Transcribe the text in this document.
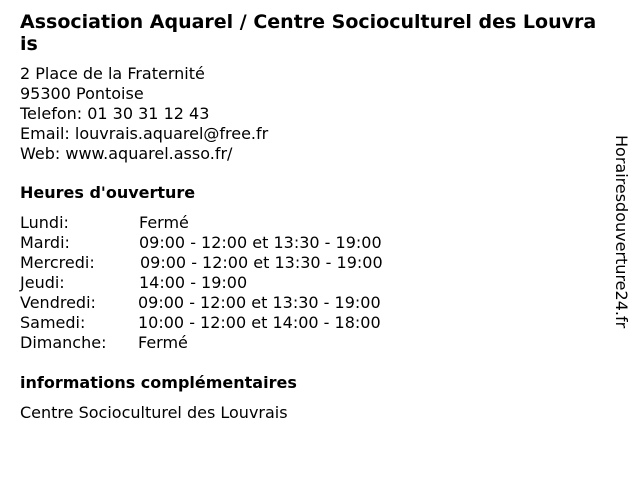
Association Aquarel / Centre Socioculturel des Louvrais
2 Place de la Fraternité
95300 Pontoise
Telefon: 01 30 31 12 43
Email: louvrais.aquarel@free.fr
Web: www.aquarel.asso.fr/
Heures d'ouverture
Lundi:	Fermé
Mardi:	09:00 - 12:00 et 13:30 - 19:00
Mercredi:	09:00 - 12:00 et 13:30 - 19:00
Jeudi:	14:00 - 19:00
Vendredi:	09:00 - 12:00 et 13:30 - 19:00
Samedi:	10:00 - 12:00 et 14:00 - 18:00
Dimanche: Fermé
informations complémentaires
Centre Socioculturel des Louvrais
Horairesdouverture24.fr
